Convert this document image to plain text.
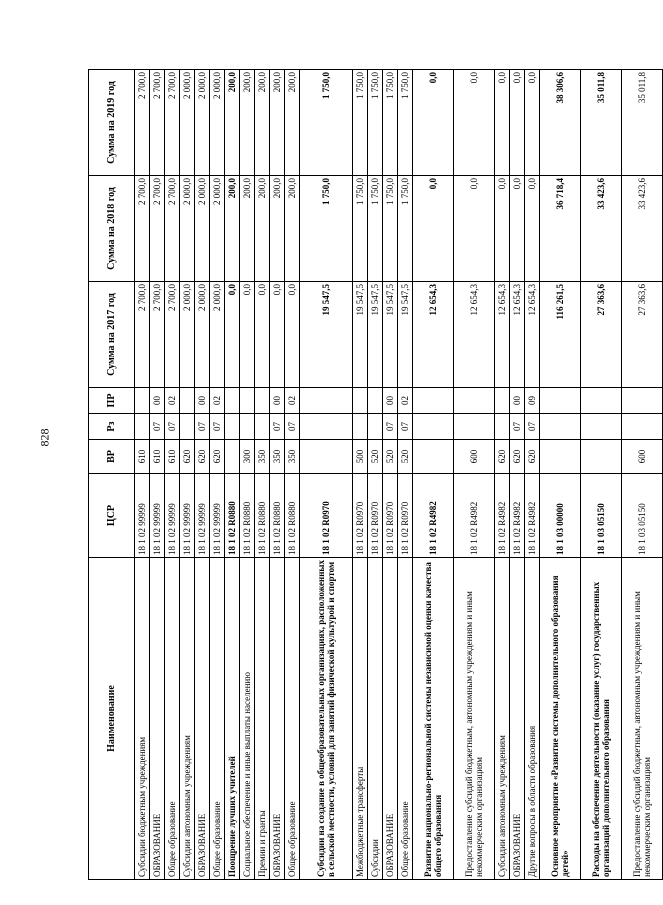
828
Наименование	ЦСР	ВР	Рз	ПР	Сумма на 2017 год	Сумма на 2018 год	Сумма на 2019 год
Субсидии бюджетным учреждениям	18 1 02 99999	610			2 700,0	2 700,0	2 700,0
ОБРАЗОВАНИЕ	18 1 02 99999	610	07	00	2 700,0	2 700,0	2 700,0
Общее образование	18 1 02 99999	610	07	02	2 700,0	2 700,0	2 700,0
Субсидии автономным учреждениям	18 1 02 99999	620			2 000,0	2 000,0	2 000,0
ОБРАЗОВАНИЕ	18 1 02 99999	620	07	00	2 000,0	2 000,0	2 000,0
Общее образование	18 1 02 99999	620	07	02	2 000,0	2 000,0	2 000,0
Поощрение лучших учителей	18 1 02 R0880				0,0	200,0	200,0
Социальное обеспечение и иные выплаты населению	18 1 02 R0880	300			0,0	200,0	200,0
Премии и гранты	18 1 02 R0880	350			0,0	200,0	200,0
ОБРАЗОВАНИЕ	18 1 02 R0880	350	07	00	0,0	200,0	200,0
Общее образование	18 1 02 R0880	350	07	02	0,0	200,0	200,0
Субсидии на создание в общеобразовательных организациях, расположенных в сельской местности, условий для занятий физической культурой и спортом	18 1 02 R0970				19 547,5	1 750,0	1 750,0
Межбюджетные трансферты	18 1 02 R0970	500			19 547,5	1 750,0	1 750,0
Субсидии	18 1 02 R0970	520			19 547,5	1 750,0	1 750,0
ОБРАЗОВАНИЕ	18 1 02 R0970	520	07	00	19 547,5	1 750,0	1 750,0
Общее образование	18 1 02 R0970	520	07	02	19 547,5	1 750,0	1 750,0
Развитие национально-региональной системы независимой оценки качества общего образования	18 1 02 R4982				12 654,3	0,0	0,0
Предоставление субсидий бюджетным, автономным учреждениям и иным некоммерческим организациям	18 1 02 R4982	600			12 654,3	0,0	0,0
Субсидии автономным учреждениям	18 1 02 R4982	620			12 654,3	0,0	0,0
ОБРАЗОВАНИЕ	18 1 02 R4982	620	07	00	12 654,3	0,0	0,0
Другие вопросы в области образования	18 1 02 R4982	620	07	09	12 654,3	0,0	0,0
Основное мероприятие «Развитие системы дополнительного образования детей»	18 1 03 00000				116 261,5	36 718,4	38 306,6
Расходы на обеспечение деятельности (оказание услуг) государственных организаций дополнительного образования	18 1 03 05150				27 363,6	33 423,6	35 011,8
Предоставление субсидий бюджетным, автономным учреждениям и иным некоммерческим организациям	18 1 03 05150	600			27 363,6	33 423,6	35 011,8
